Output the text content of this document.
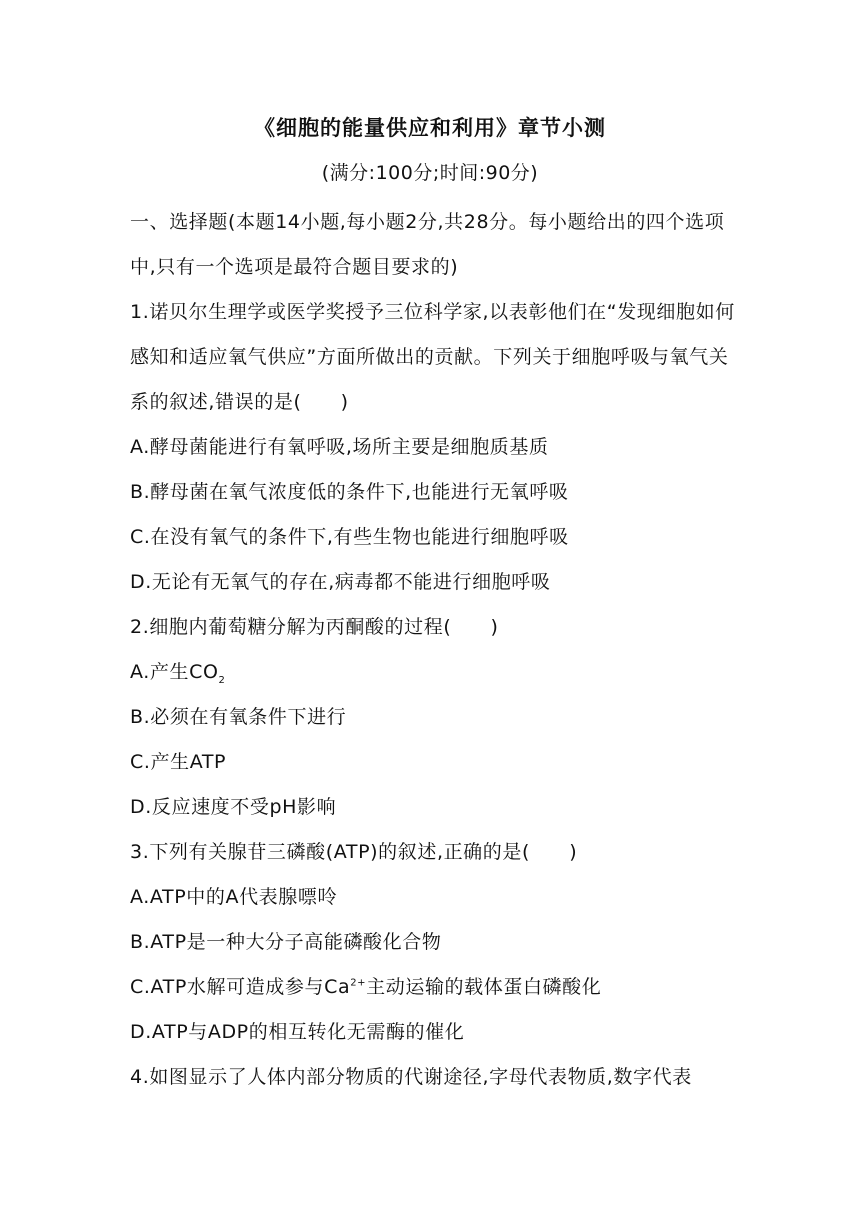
《细胞的能量供应和利用》章节小测
(满分:100分;时间:90分)

一、选择题(本题14小题,每小题2分,共28分。每小题给出的四个选项中,只有一个选项是最符合题目要求的)

1.诺贝尔生理学或医学奖授予三位科学家,以表彰他们在“发现细胞如何感知和适应氧气供应”方面所做出的贡献。下列关于细胞呼吸与氧气关系的叙述,错误的是(　　)

A.酵母菌能进行有氧呼吸,场所主要是细胞质基质

B.酵母菌在氧气浓度低的条件下,也能进行无氧呼吸

C.在没有氧气的条件下,有些生物也能进行细胞呼吸

D.无论有无氧气的存在,病毒都不能进行细胞呼吸

2.细胞内葡萄糖分解为丙酮酸的过程(　　)

A.产生$CO_2$

B.必须在有氧条件下进行

C.产生ATP

D.反应速度不受pH影响

3.下列有关腺苷三磷酸(ATP)的叙述,正确的是(　　)

A.ATP中的A代表腺嘌呤

B.ATP是一种大分子高能磷酸化合物

C.ATP水解可造成参与$Ca^{2+}$主动运输的载体蛋白磷酸化

D.ATP与ADP的相互转化无需酶的催化

4.如图显示了人体内部分物质的代谢途径,字母代表物质,数字代表
